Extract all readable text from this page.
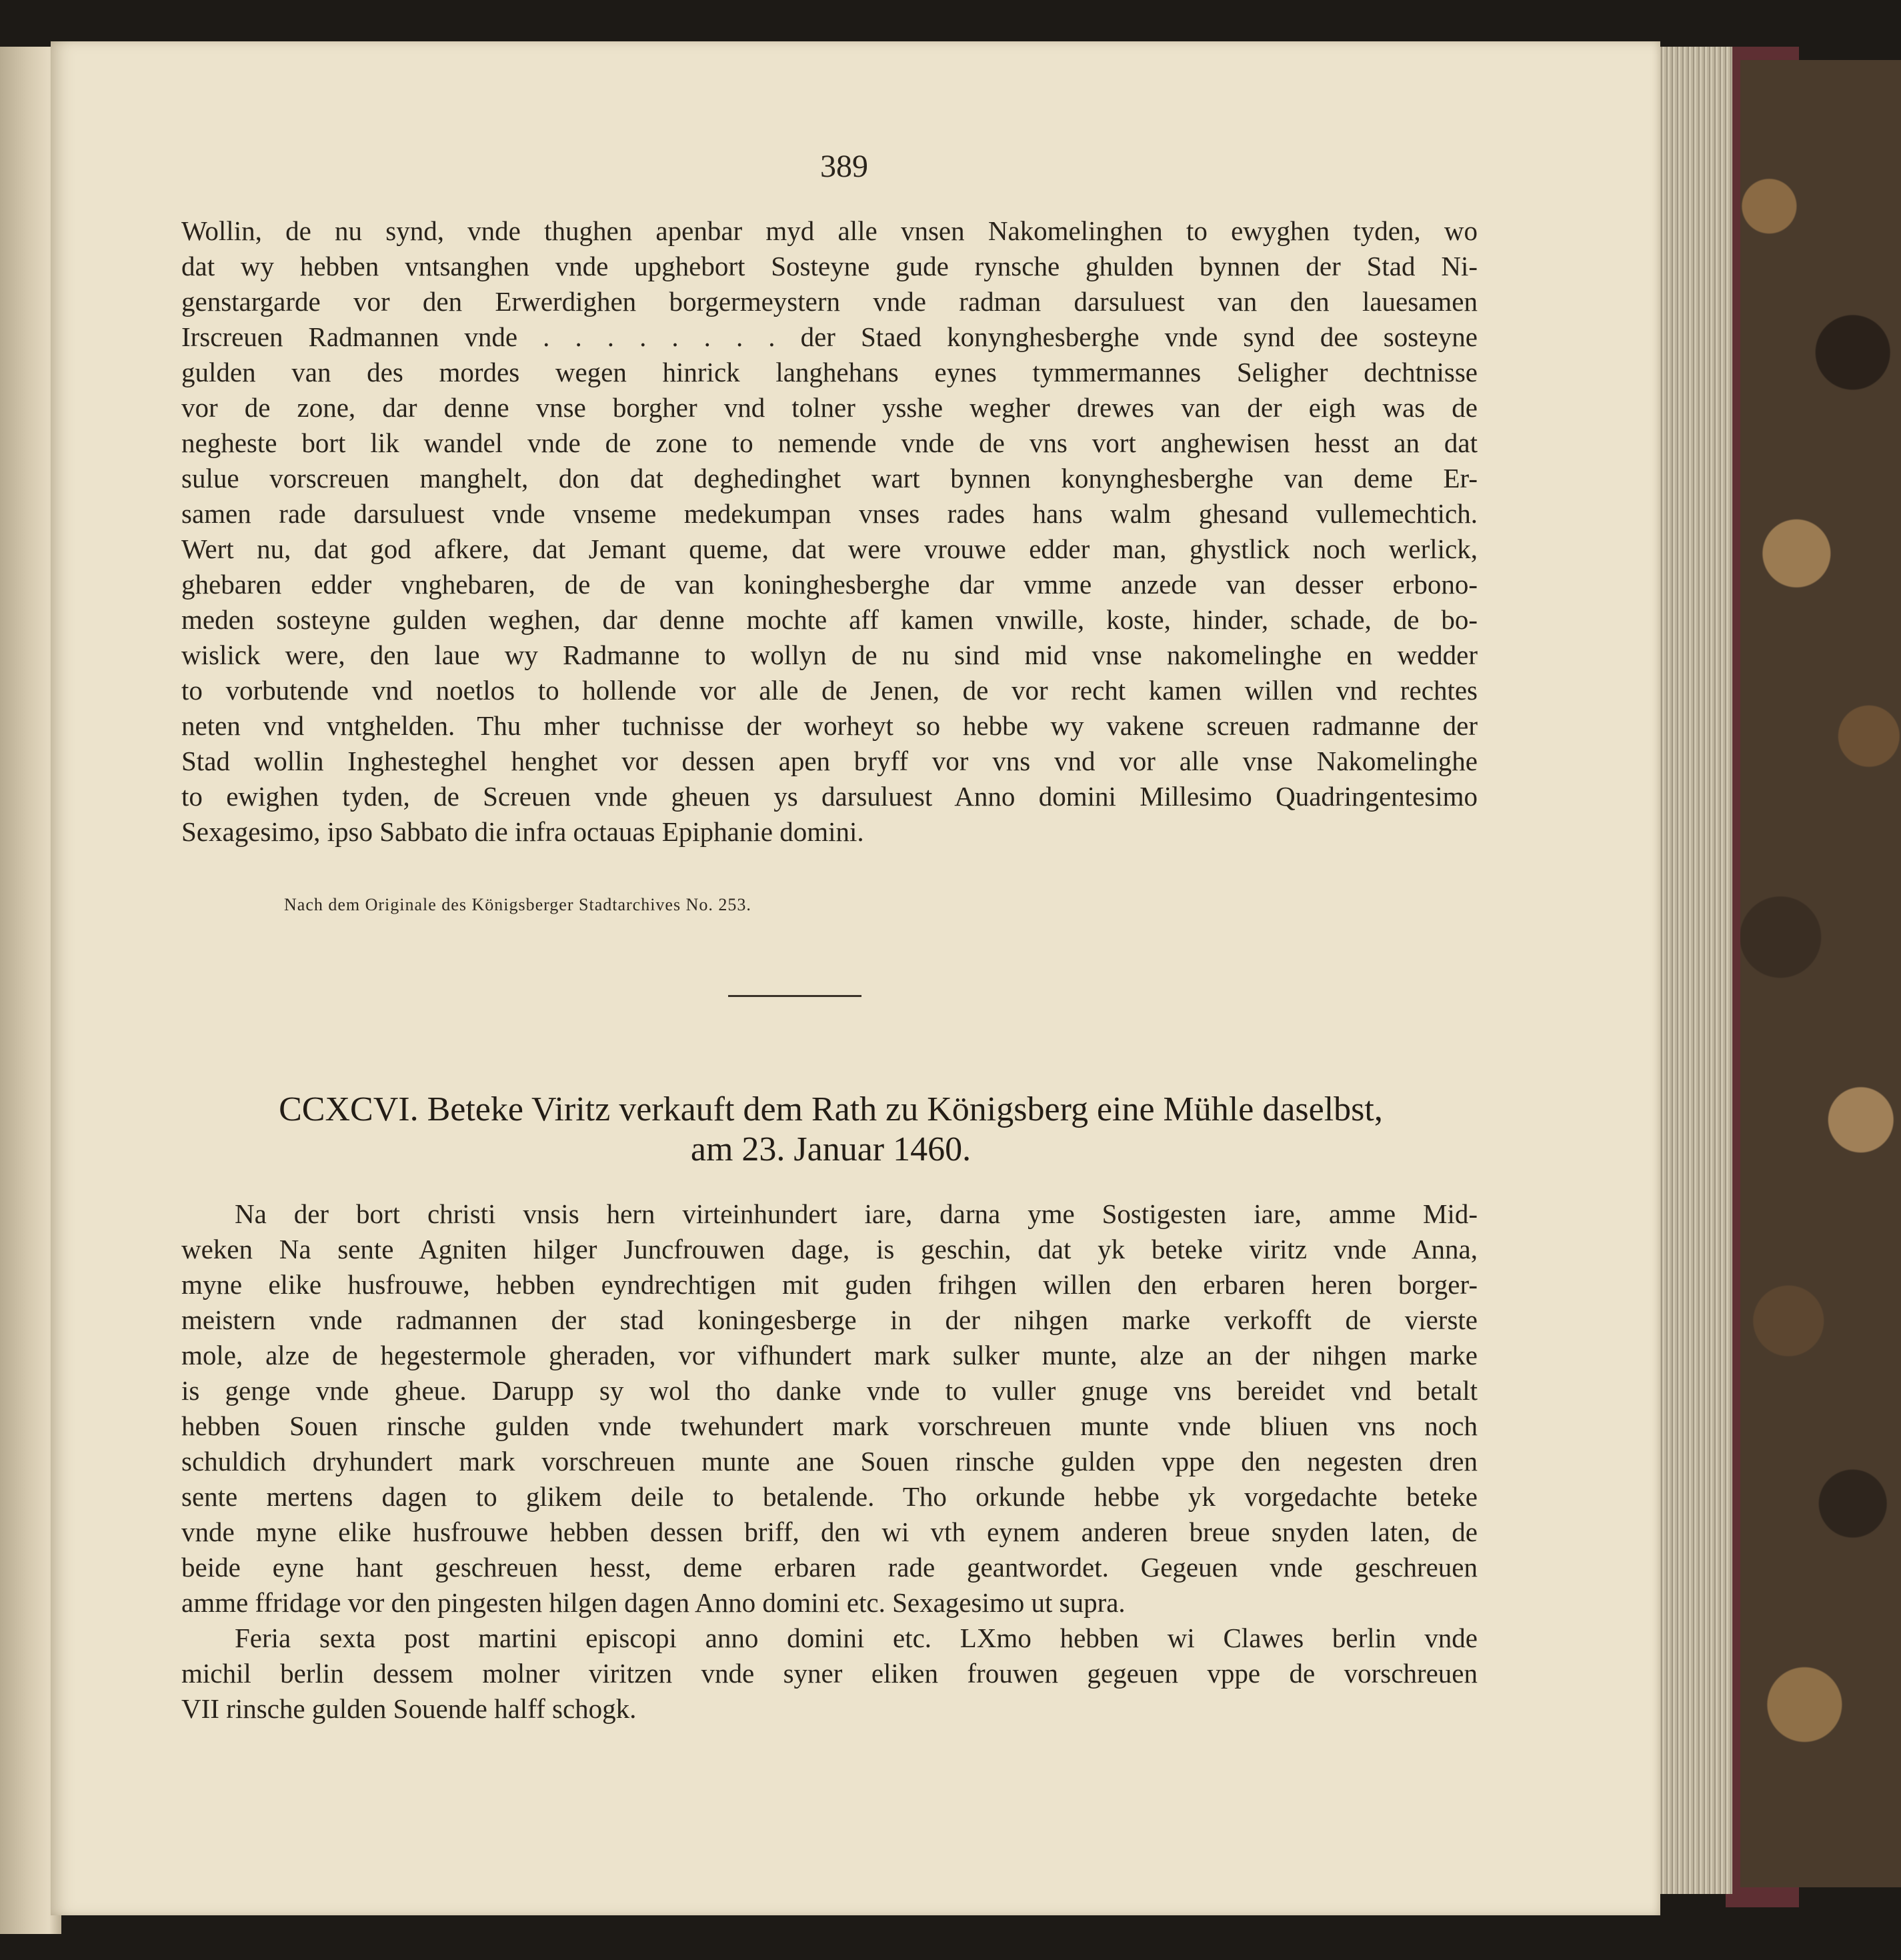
389
Wollin, de nu synd, vnde thughen apenbar myd alle vnsen Nakomelinghen to ewyghen tyden, wo
dat wy hebben vntsanghen vnde upghebort Sosteyne gude rynsche ghulden bynnen der Stad Ni-
genstargarde vor den Erwerdighen borgermeystern vnde radman darsuluest van den lauesamen
Irscreuen Radmannen vnde . . . . . . . . der Staed konynghesberghe vnde synd dee sosteyne
gulden van des mordes wegen hinrick langhehans eynes tymmermannes Seligher dechtnisse
vor de zone, dar denne vnse borgher vnd tolner ysshe wegher drewes van der eigh was de
negheste bort lik wandel vnde de zone to nemende vnde de vns vort anghewisen hesst an dat
sulue vorscreuen manghelt, don dat deghedinghet wart bynnen konynghesberghe van deme Er-
samen rade darsuluest vnde vnseme medekumpan vnses rades hans walm ghesand vullemechtich.
Wert nu, dat god afkere, dat Jemant queme, dat were vrouwe edder man, ghystlick noch werlick,
ghebaren edder vnghebaren, de de van koninghesberghe dar vmme anzede van desser erbono-
meden sosteyne gulden weghen, dar denne mochte aff kamen vnwille, koste, hinder, schade, de bo-
wislick were, den laue wy Radmanne to wollyn de nu sind mid vnse nakomelinghe en wedder
to vorbutende vnd noetlos to hollende vor alle de Jenen, de vor recht kamen willen vnd rechtes
neten vnd vntghelden. Thu mher tuchnisse der worheyt so hebbe wy vakene screuen radmanne der
Stad wollin Inghesteghel henghet vor dessen apen bryff vor vns vnd vor alle vnse Nakomelinghe
to ewighen tyden, de Screuen vnde gheuen ys darsuluest Anno domini Millesimo Quadringentesimo
Sexagesimo, ipso Sabbato die infra octauas Epiphanie domini.
Nach dem Originale des Königsberger Stadtarchives No. 253.
CCXCVI. Beteke Viritz verkauft dem Rath zu Königsberg eine Mühle daselbst,
am 23. Januar 1460.
Na der bort christi vnsis hern virteinhundert iare, darna yme Sostigesten iare, amme Mid-
weken Na sente Agniten hilger Juncfrouwen dage, is geschin, dat yk beteke viritz vnde Anna,
myne elike husfrouwe, hebben eyndrechtigen mit guden frihgen willen den erbaren heren borger-
meistern vnde radmannen der stad koningesberge in der nihgen marke verkofft de vierste
mole, alze de hegestermole gheraden, vor vifhundert mark sulker munte, alze an der nihgen marke
is genge vnde gheue. Darupp sy wol tho danke vnde to vuller gnuge vns bereidet vnd betalt
hebben Souen rinsche gulden vnde twehundert mark vorschreuen munte vnde bliuen vns noch
schuldich dryhundert mark vorschreuen munte ane Souen rinsche gulden vppe den negesten dren
sente mertens dagen to glikem deile to betalende. Tho orkunde hebbe yk vorgedachte beteke
vnde myne elike husfrouwe hebben dessen briff, den wi vth eynem anderen breue snyden laten, de
beide eyne hant geschreuen hesst, deme erbaren rade geantwordet. Gegeuen vnde geschreuen
amme ffridage vor den pingesten hilgen dagen Anno domini etc. Sexagesimo ut supra.
Feria sexta post martini episcopi anno domini etc. LXmo hebben wi Clawes berlin vnde
michil berlin dessem molner viritzen vnde syner eliken frouwen gegeuen vppe de vorschreuen
VII rinsche gulden Souende halff schogk.
